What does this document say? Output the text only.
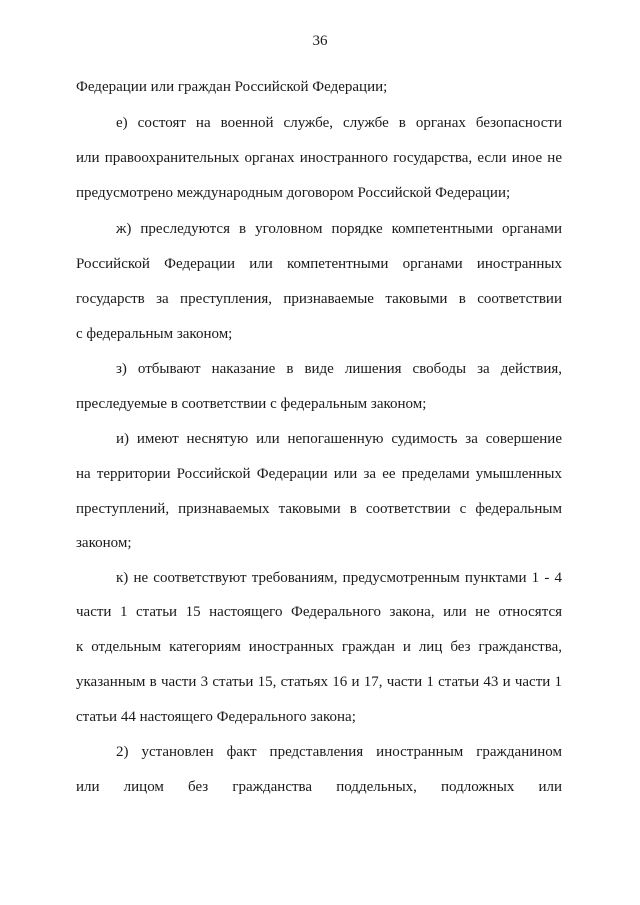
36
Федерации или граждан Российской Федерации;
е) состоят на военной службе, службе в органах безопасности
или правоохранительных органах иностранного государства, если иное не
предусмотрено международным договором Российской Федерации;
ж) преследуются в уголовном порядке компетентными органами
Российской Федерации или компетентными органами иностранных
государств за преступления, признаваемые таковыми в соответствии
с федеральным законом;
з) отбывают наказание в виде лишения свободы за действия,
преследуемые в соответствии с федеральным законом;
и) имеют неснятую или непогашенную судимость за совершение
на территории Российской Федерации или за ее пределами умышленных
преступлений, признаваемых таковыми в соответствии с федеральным
законом;
к) не соответствуют требованиям, предусмотренным пунктами 1 - 4
части 1 статьи 15 настоящего Федерального закона, или не относятся
к отдельным категориям иностранных граждан и лиц без гражданства,
указанным в части 3 статьи 15, статьях 16 и 17, части 1 статьи 43 и части 1
статьи 44 настоящего Федерального закона;
2) установлен факт представления иностранным гражданином
или лицом без гражданства поддельных, подложных или
